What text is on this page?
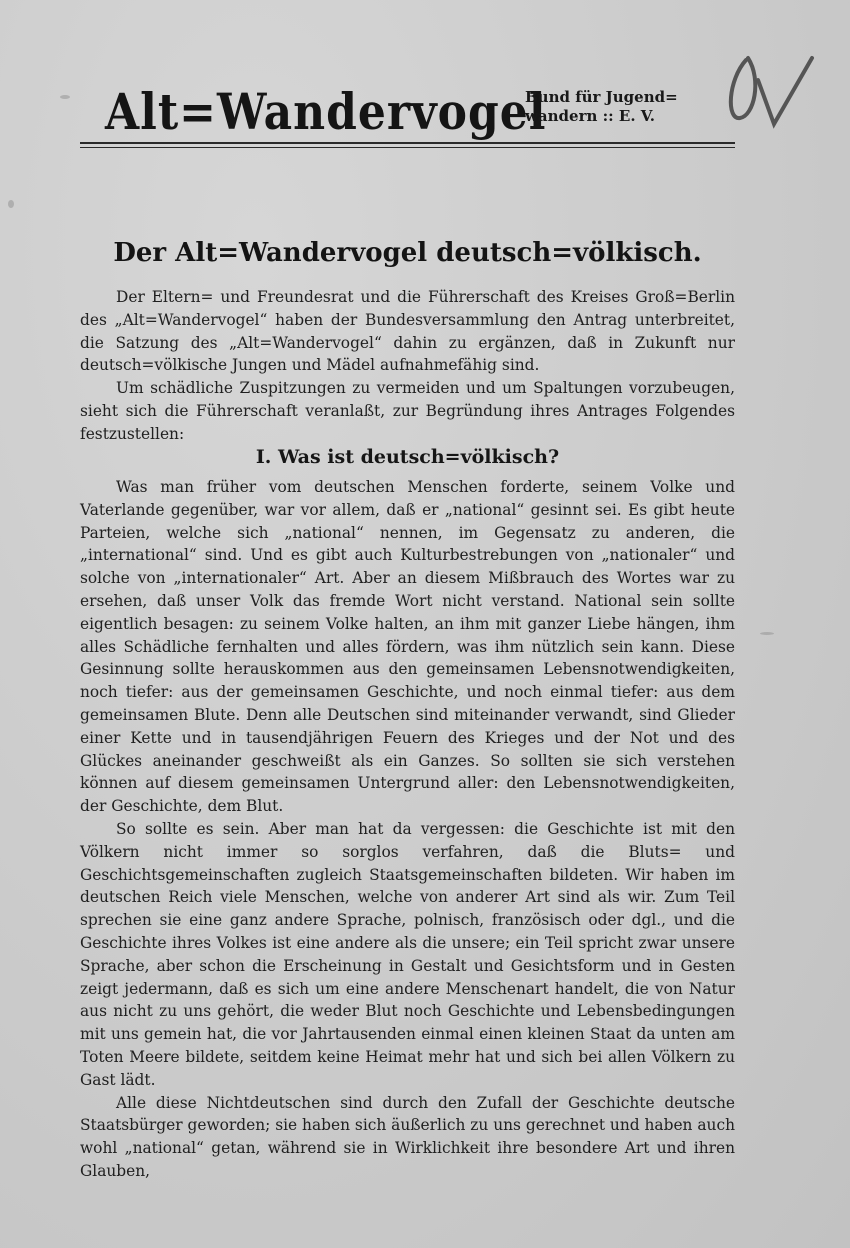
Alt=Wandervogel
Bund für Jugend=
wandern :: E. V.
Der Alt=Wandervogel deutsch=völkisch.

Der Eltern= und Freundesrat und die Führerschaft des Kreises Groß=Berlin des „Alt=Wandervogel“ haben der Bundesversammlung den Antrag unterbreitet, die Satzung des „Alt=Wandervogel“ dahin zu ergänzen, daß in Zukunft nur deutsch=völkische Jungen und Mädel aufnahmefähig sind.

Um schädliche Zuspitzungen zu vermeiden und um Spaltungen vorzubeugen, sieht sich die Führerschaft veranlaßt, zur Begründung ihres Antrages Folgendes festzustellen:

I. Was ist deutsch=völkisch?

Was man früher vom deutschen Menschen forderte, seinem Volke und Vaterlande gegenüber, war vor allem, daß er „national“ gesinnt sei. Es gibt heute Parteien, welche sich „national“ nennen, im Gegensatz zu anderen, die „international“ sind. Und es gibt auch Kulturbestrebungen von „nationaler“ und solche von „internationaler“ Art. Aber an diesem Mißbrauch des Wortes war zu ersehen, daß unser Volk das fremde Wort nicht verstand. National sein sollte eigentlich besagen: zu seinem Volke halten, an ihm mit ganzer Liebe hängen, ihm alles Schädliche fernhalten und alles fördern, was ihm nützlich sein kann. Diese Gesinnung sollte herauskommen aus den gemeinsamen Lebensnotwendigkeiten, noch tiefer: aus der gemeinsamen Geschichte, und noch einmal tiefer: aus dem gemeinsamen Blute. Denn alle Deutschen sind miteinander verwandt, sind Glieder einer Kette und in tausendjährigen Feuern des Krieges und der Not und des Glückes aneinander geschweißt als ein Ganzes. So sollten sie sich verstehen können auf diesem gemeinsamen Untergrund aller: den Lebensnotwendigkeiten, der Geschichte, dem Blut.

So sollte es sein. Aber man hat da vergessen: die Geschichte ist mit den Völkern nicht immer so sorglos verfahren, daß die Bluts= und Geschichtsgemeinschaften zugleich Staatsgemeinschaften bildeten. Wir haben im deutschen Reich viele Menschen, welche von anderer Art sind als wir. Zum Teil sprechen sie eine ganz andere Sprache, polnisch, französisch oder dgl., und die Geschichte ihres Volkes ist eine andere als die unsere; ein Teil spricht zwar unsere Sprache, aber schon die Erscheinung in Gestalt und Gesichtsform und in Gesten zeigt jedermann, daß es sich um eine andere Menschenart handelt, die von Natur aus nicht zu uns gehört, die weder Blut noch Geschichte und Lebensbedingungen mit uns gemein hat, die vor Jahrtausenden einmal einen kleinen Staat da unten am Toten Meere bildete, seitdem keine Heimat mehr hat und sich bei allen Völkern zu Gast lädt.

Alle diese Nichtdeutschen sind durch den Zufall der Geschichte deutsche Staatsbürger geworden; sie haben sich äußerlich zu uns gerechnet und haben auch wohl „national“ getan, während sie in Wirklichkeit ihre besondere Art und ihren Glauben,
